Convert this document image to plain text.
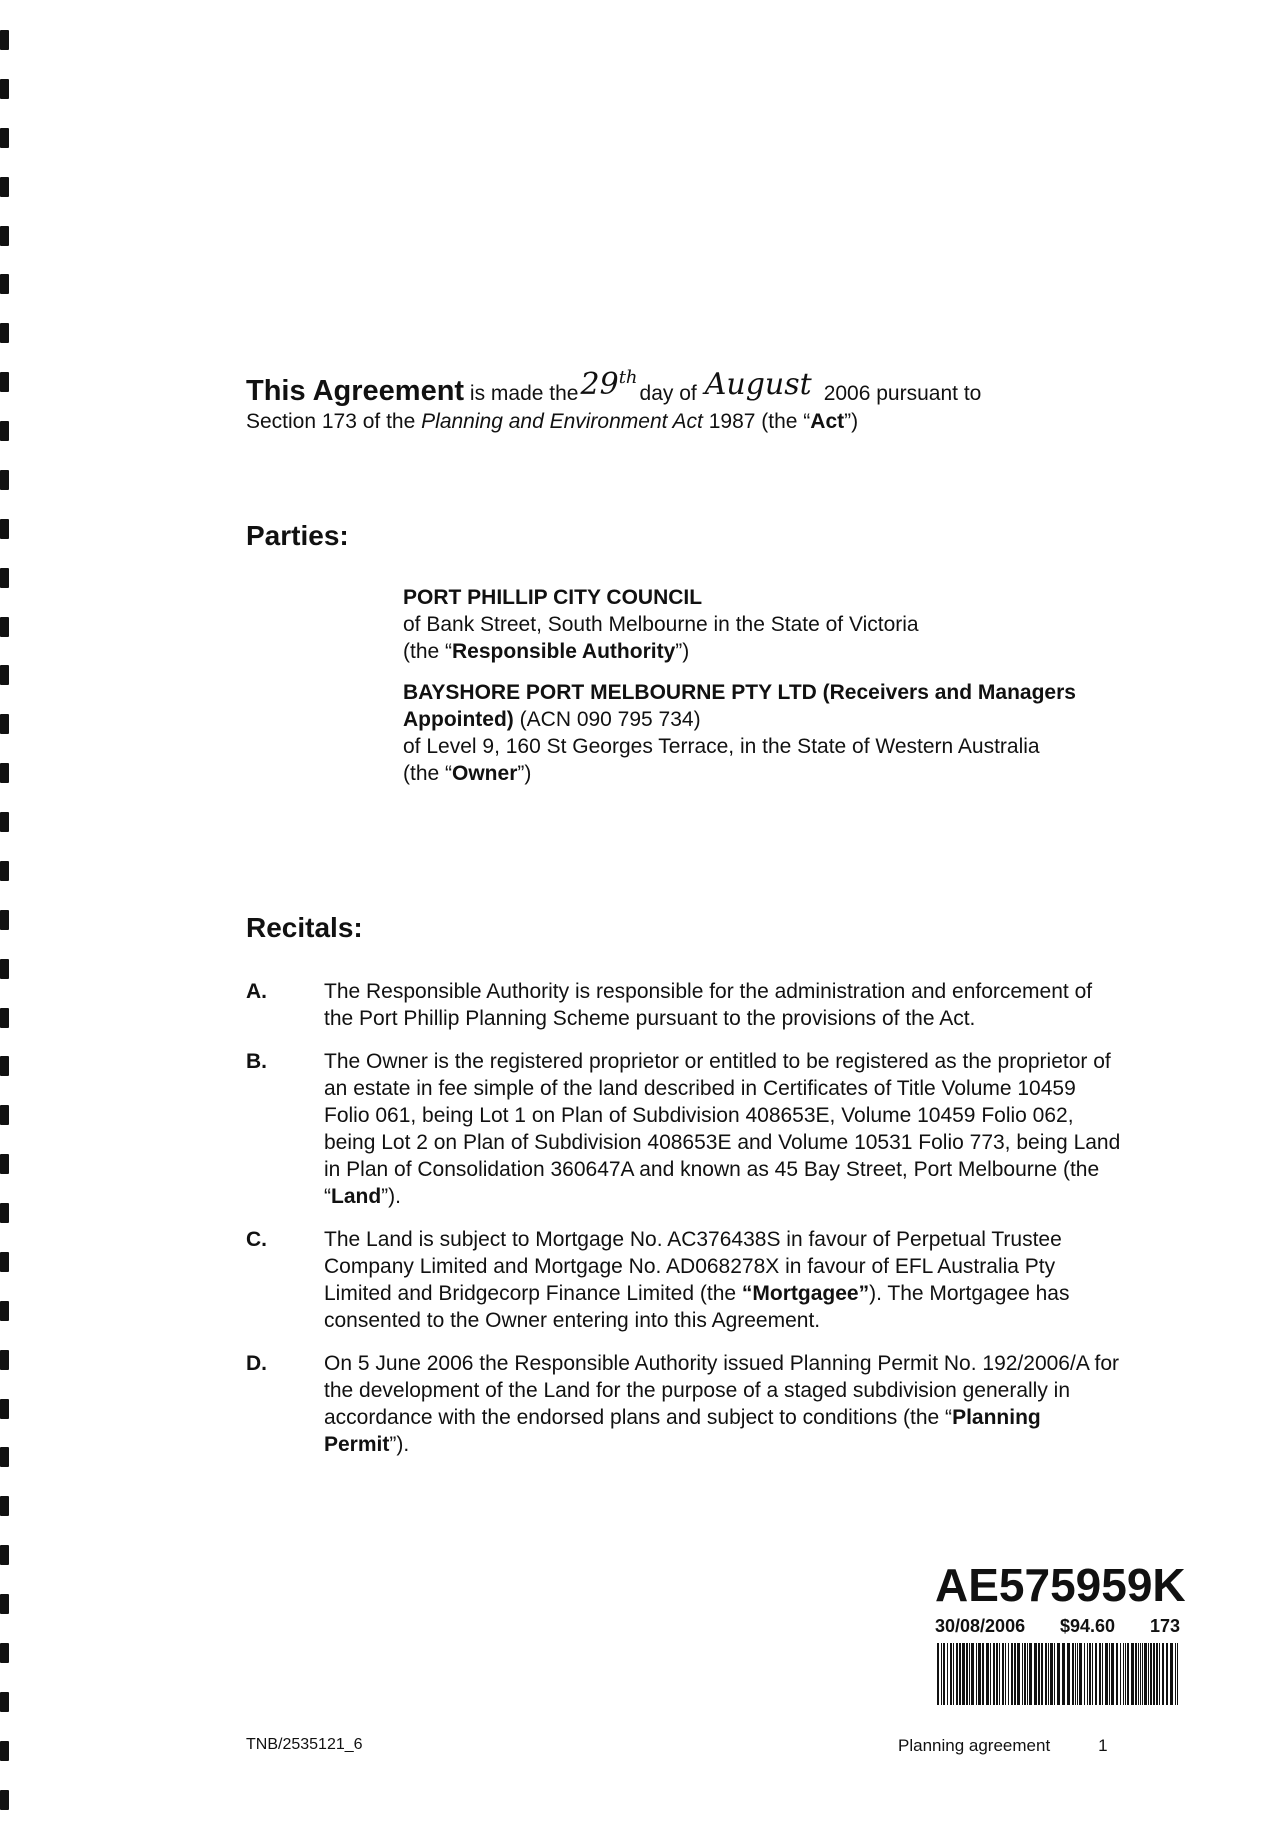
This Agreement is made the29thday of August 2006 pursuant to
Section 173 of the Planning and Environment Act 1987 (the “Act”)
Parties:
PORT PHILLIP CITY COUNCIL
of Bank Street, South Melbourne in the State of Victoria
(the “Responsible Authority”)
BAYSHORE PORT MELBOURNE PTY LTD (Receivers and Managers Appointed) (ACN 090 795 734)
of Level 9, 160 St Georges Terrace, in the State of Western Australia
(the “Owner”)
Recitals:
A.	The Responsible Authority is responsible for the administration and enforcement of the Port Phillip Planning Scheme pursuant to the provisions of the Act.
B.	The Owner is the registered proprietor or entitled to be registered as the proprietor of an estate in fee simple of the land described in Certificates of Title Volume 10459 Folio 061, being Lot 1 on Plan of Subdivision 408653E, Volume 10459 Folio 062, being Lot 2 on Plan of Subdivision 408653E and Volume 10531 Folio 773, being Land in Plan of Consolidation 360647A and known as 45 Bay Street, Port Melbourne (the “Land”).
C.	The Land is subject to Mortgage No. AC376438S in favour of Perpetual Trustee Company Limited and Mortgage No. AD068278X in favour of EFL Australia Pty Limited and Bridgecorp Finance Limited (the “Mortgagee”). The Mortgagee has consented to the Owner entering into this Agreement.
D.	On 5 June 2006 the Responsible Authority issued Planning Permit No. 192/2006/A for the development of the Land for the purpose of a staged subdivision generally in accordance with the endorsed plans and subject to conditions (the “Planning Permit”).
AE575959K
30/08/2006 $94.60 173
TNB/2535121_6	Planning agreement	1
